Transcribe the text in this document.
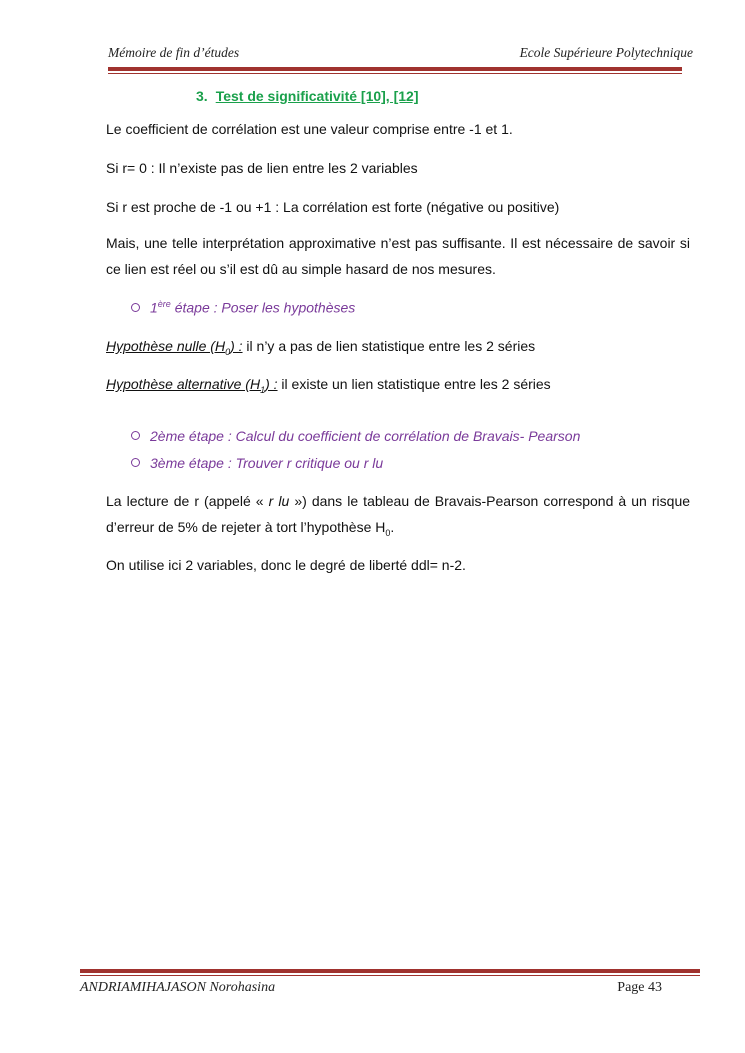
Mémoire de fin d’études	Ecole Supérieure Polytechnique
3. Test de significativité [10], [12]
Le coefficient de corrélation est une valeur comprise entre -1 et 1.
Si r= 0 : Il n’existe pas de lien entre les 2 variables
Si r est proche de -1 ou +1 : La corrélation est forte (négative ou positive)
Mais, une telle interprétation approximative n’est pas suffisante. Il est nécessaire de savoir si ce lien est réel ou s’il est dû au simple hasard de nos mesures.
1ère étape : Poser les hypothèses
Hypothèse nulle $(H_0)$ : il n’y a pas de lien statistique entre les 2 séries
Hypothèse alternative $(H_1)$ : il existe un lien statistique entre les 2 séries
2ème étape : Calcul du coefficient de corrélation de Bravais- Pearson
3ème étape : Trouver r critique ou r lu
La lecture de r (appelé « r lu ») dans le tableau de Bravais-Pearson correspond à un risque d’erreur de 5% de rejeter à tort l’hypothèse $H_0$.
On utilise ici 2 variables, donc le degré de liberté ddl= n-2.
ANDRIAMIHAJASON Norohasina	Page 43
